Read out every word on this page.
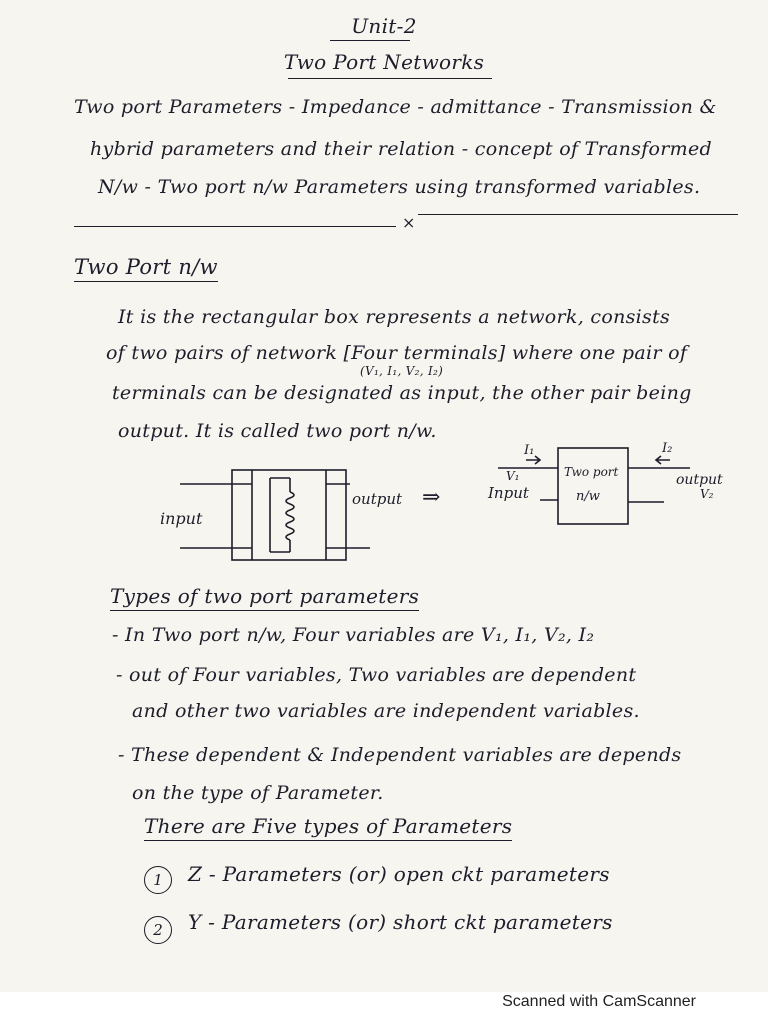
Unit-2
Two Port Networks
Two port Parameters - Impedance - admittance - Transmission &
hybrid parameters and their relation - concept of Transformed
N/w - Two port n/w Parameters using transformed variables.
×
Two Port n/w
It is the rectangular box represents a network, consists
of two pairs of network [Four terminals] where one pair of
(V₁, I₁, V₂, I₂)
terminals can be designated as input, the other pair being
output. It is called two port n/w.
input
output ⇒
I₁
V₁
Input
Two port
n/w
I₂
output
V₂
Types of two port parameters
- In Two port n/w, Four variables are V₁, I₁, V₂, I₂
- out of Four variables, Two variables are dependent
and other two variables are independent variables.
- These dependent & Independent variables are depends
on the type of Parameter.
There are Five types of Parameters
1	Z - Parameters (or) open ckt parameters
2	Y - Parameters (or) short ckt parameters
Scanned with CamScanner
